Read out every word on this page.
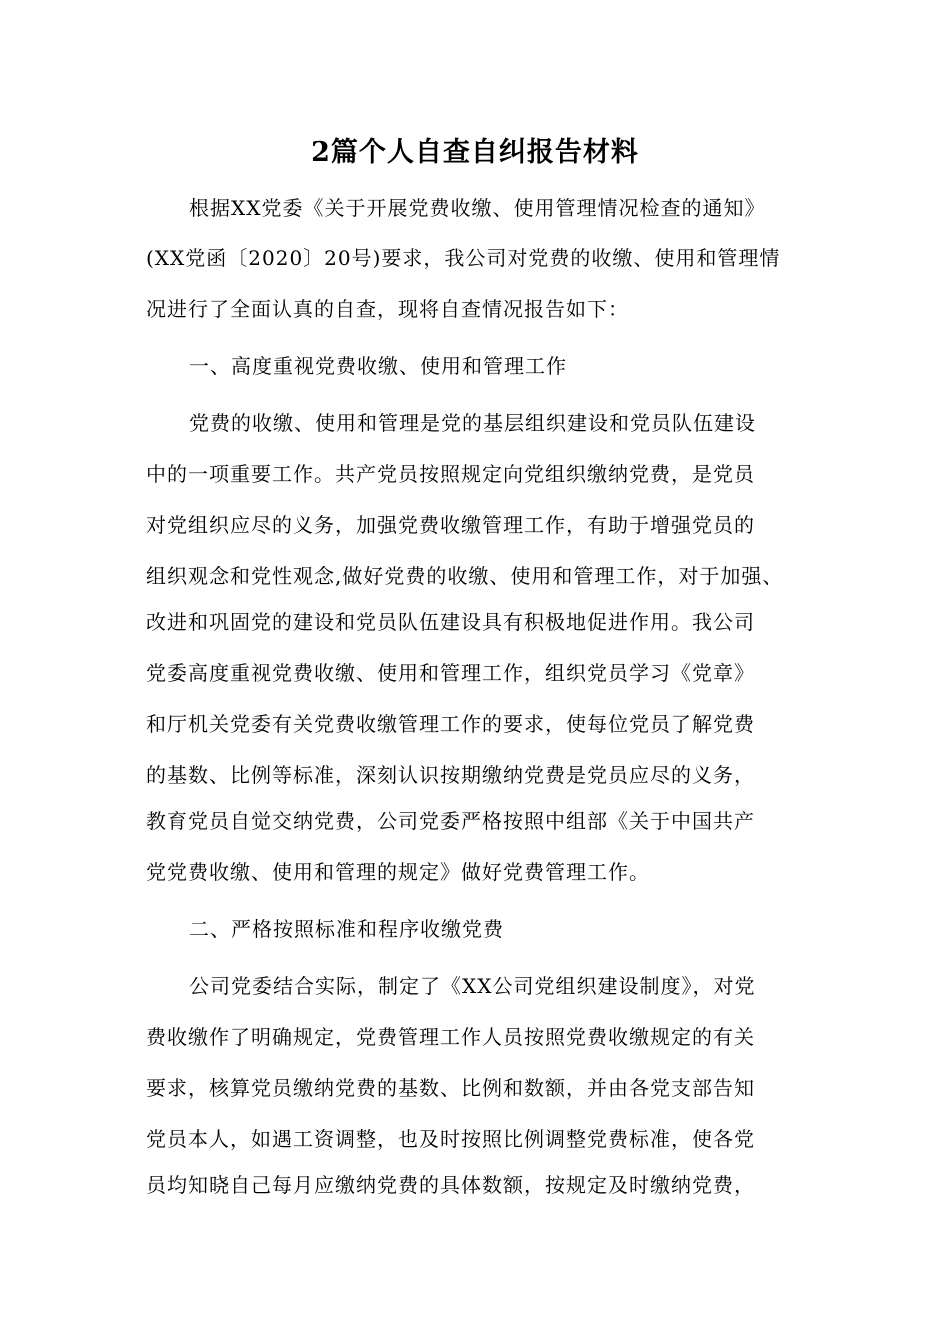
2篇个人自查自纠报告材料
根据XX党委《关于开展党费收缴、使用管理情况检查的通知》
(XX党函〔2020〕20号)要求，我公司对党费的收缴、使用和管理情
况进行了全面认真的自查，现将自查情况报告如下：
一、高度重视党费收缴、使用和管理工作
党费的收缴、使用和管理是党的基层组织建设和党员队伍建设
中的一项重要工作。共产党员按照规定向党组织缴纳党费，是党员
对党组织应尽的义务，加强党费收缴管理工作，有助于增强党员的
组织观念和党性观念,做好党费的收缴、使用和管理工作，对于加强、
改进和巩固党的建设和党员队伍建设具有积极地促进作用。我公司
党委高度重视党费收缴、使用和管理工作，组织党员学习《党章》
和厅机关党委有关党费收缴管理工作的要求，使每位党员了解党费
的基数、比例等标准，深刻认识按期缴纳党费是党员应尽的义务，
教育党员自觉交纳党费，公司党委严格按照中组部《关于中国共产
党党费收缴、使用和管理的规定》做好党费管理工作。
二、严格按照标准和程序收缴党费
公司党委结合实际，制定了《XX公司党组织建设制度》，对党
费收缴作了明确规定，党费管理工作人员按照党费收缴规定的有关
要求，核算党员缴纳党费的基数、比例和数额，并由各党支部告知
党员本人，如遇工资调整，也及时按照比例调整党费标准，使各党
员均知晓自己每月应缴纳党费的具体数额，按规定及时缴纳党费，
